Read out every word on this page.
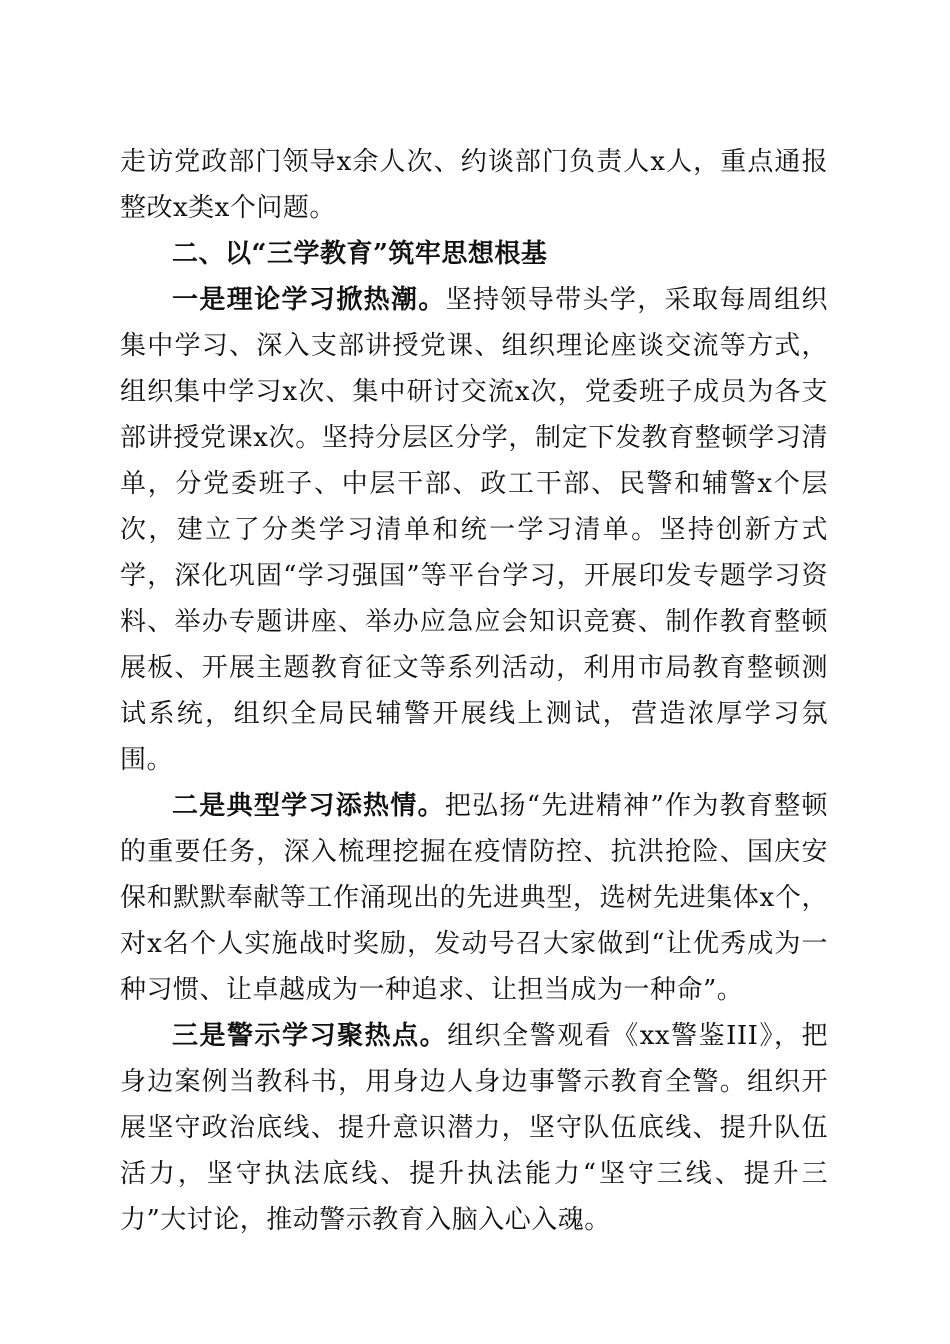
走访党政部门领导x余人次、约谈部门负责人x人，重点通报整改x类x个问题。

二、以“三学教育”筑牢思想根基

一是理论学习掀热潮。坚持领导带头学，采取每周组织集中学习、深入支部讲授党课、组织理论座谈交流等方式，组织集中学习x次、集中研讨交流x次，党委班子成员为各支部讲授党课x次。坚持分层区分学，制定下发教育整顿学习清单，分党委班子、中层干部、政工干部、民警和辅警x个层次，建立了分类学习清单和统一学习清单。坚持创新方式学，深化巩固“学习强国”等平台学习，开展印发专题学习资料、举办专题讲座、举办应急应会知识竞赛、制作教育整顿展板、开展主题教育征文等系列活动，利用市局教育整顿测试系统，组织全局民辅警开展线上测试，营造浓厚学习氛围。

二是典型学习添热情。把弘扬“先进精神”作为教育整顿的重要任务，深入梳理挖掘在疫情防控、抗洪抢险、国庆安保和默默奉献等工作涌现出的先进典型，选树先进集体x个，对x名个人实施战时奖励，发动号召大家做到“让优秀成为一种习惯、让卓越成为一种追求、让担当成为一种命”。

三是警示学习聚热点。组织全警观看《xx警鉴III》，把身边案例当教科书，用身边人身边事警示教育全警。组织开展坚守政治底线、提升意识潜力，坚守队伍底线、提升队伍活力，坚守执法底线、提升执法能力“坚守三线、提升三力”大讨论，推动警示教育入脑入心入魂。
